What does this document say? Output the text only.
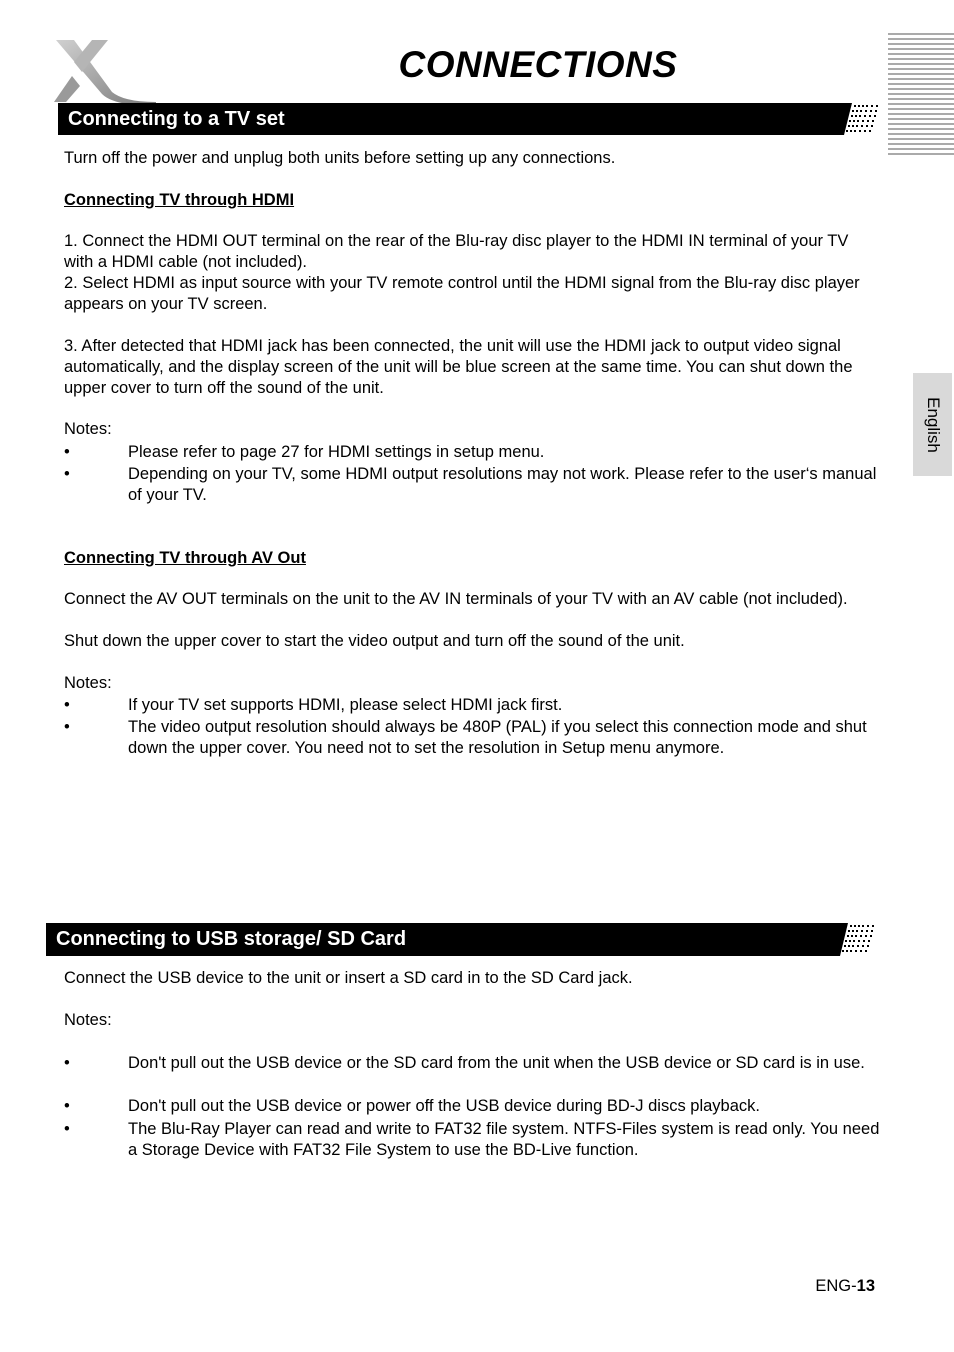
CONNECTIONS
English
Connecting to a TV set
Turn off the power and unplug both units before setting up any connections.
Connecting TV through HDMI
1. Connect the HDMI OUT terminal on the rear of the Blu-ray disc player to the HDMI IN terminal of your TV with a HDMI cable (not included).
2. Select HDMI as input source with your TV remote control until the HDMI signal from the Blu-ray disc player appears on your TV screen.
3. After detected that HDMI jack has been connected, the unit will use the HDMI jack to output video signal automatically, and the display screen of the unit will be blue screen at the same time. You can shut down the upper cover to turn off the sound of the unit.
Notes:
•	Please refer to page 27 for HDMI settings in setup menu.
•	Depending on your TV, some HDMI output resolutions may not work. Please refer to the user‘s manual of your TV.
Connecting TV through AV Out
Connect the AV OUT terminals on the unit to the AV IN terminals of your TV with an AV cable (not included).
Shut down the upper cover to start the video output and turn off the sound of the unit.
Notes:
•	If your TV set supports HDMI, please select HDMI jack first.
•	The video output resolution should always be 480P (PAL) if you select this connection mode and shut down the upper cover. You need not to set the resolution in Setup menu anymore.
Connecting to USB storage/ SD Card
Connect the USB device to the unit or insert a SD card in to the SD Card jack.
Notes:
•	Don't pull out the USB device or the SD card from the unit when the USB device or SD card is in use.
•	Don't pull out the USB device or power off the USB device during BD-J discs playback.
•	The Blu-Ray Player can read and write to FAT32 file system. NTFS-Files system is read only. You need a Storage Device with FAT32 File System to use the BD-Live function.
ENG-13
